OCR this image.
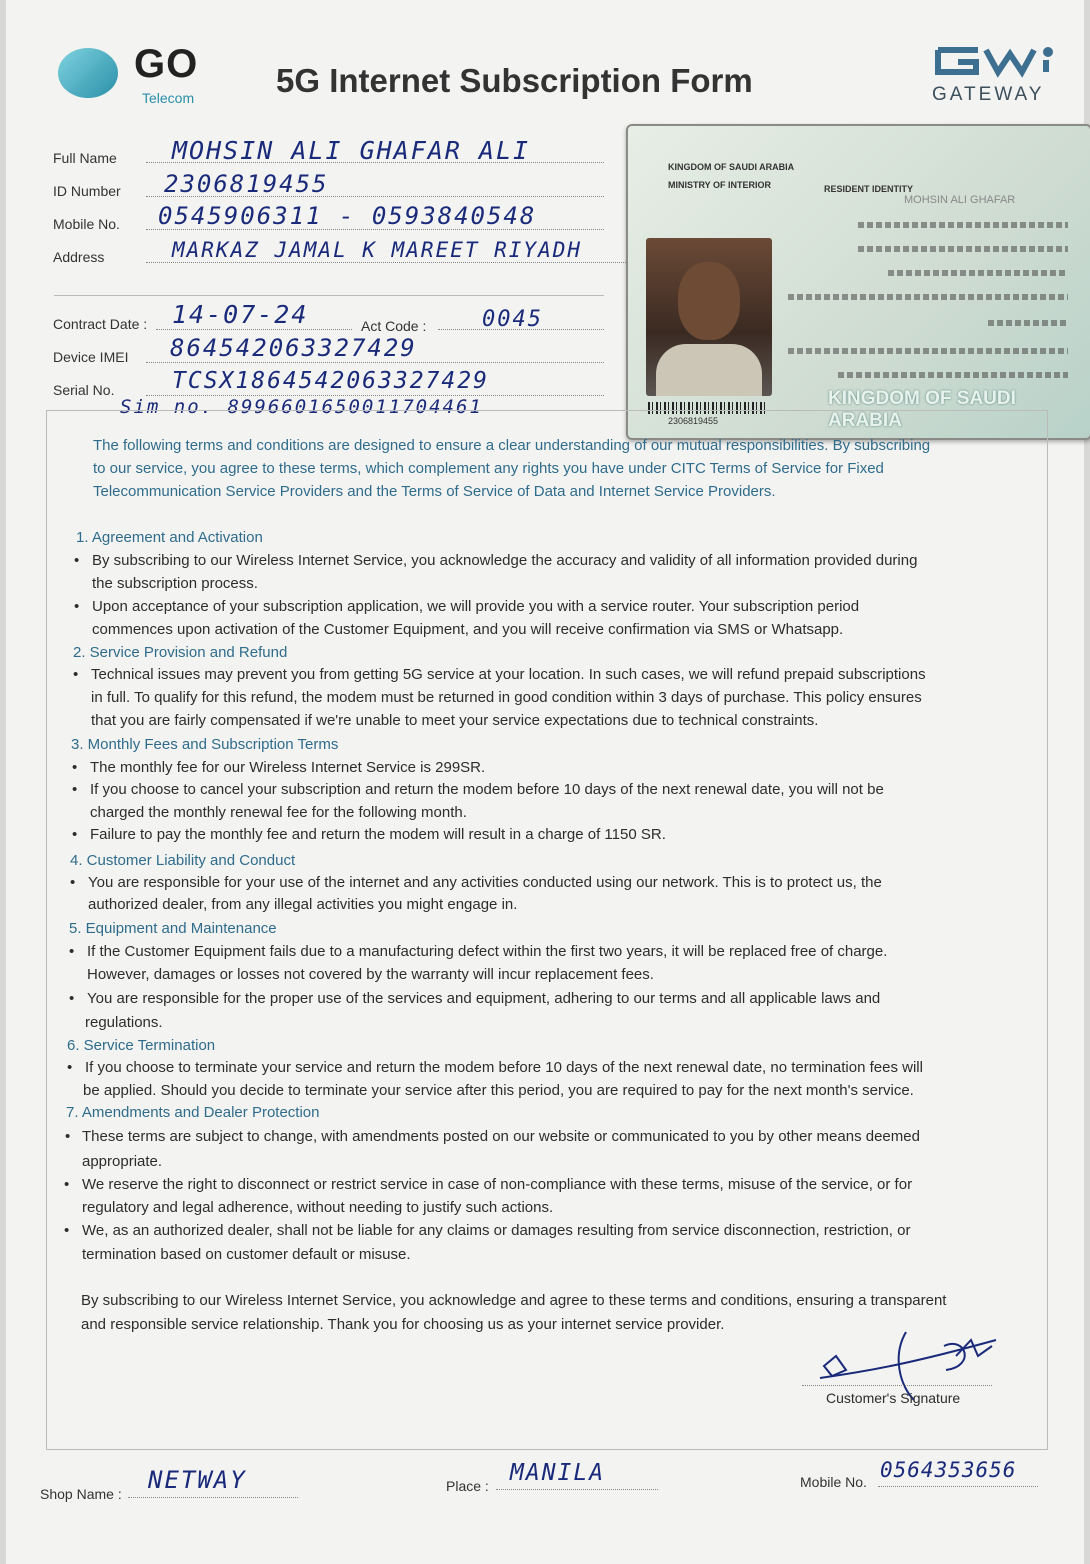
GO
Telecom 5G Internet Subscription Form	GATEWAY
Full Name MOHSIN ALI GHAFAR ALI
ID Number 2306819455
Mobile No. 0545906311 - 0593840548
Address	MARKAZ JAMAL K MAREET RIYADH
Contract Date : 14-07-24	Act Code :	0045
Device IMEI 864542063327429
Serial No.	TCSX1864542063327429
Sim no. 8996601650011704461
KINGDOM OF SAUDI ARABIA
MINISTRY OF INTERIOR	RESIDENT IDENTITY
MOHSIN ALI GHAFAR
2306819455
KINGDOM OF SAUDI ARABIA
The following terms and conditions are designed to ensure a clear understanding of our mutual responsibilities. By subscribing
to our service, you agree to these terms, which complement any rights you have under CITC Terms of Service for Fixed
Telecommunication Service Providers and the Terms of Service of Data and Internet Service Providers.
1. Agreement and Activation
• By subscribing to our Wireless Internet Service, you acknowledge the accuracy and validity of all information provided during
the subscription process.
• Upon acceptance of your subscription application, we will provide you with a service router. Your subscription period
commences upon activation of the Customer Equipment, and you will receive confirmation via SMS or Whatsapp.
2. Service Provision and Refund
• Technical issues may prevent you from getting 5G service at your location. In such cases, we will refund prepaid subscriptions
in full. To qualify for this refund, the modem must be returned in good condition within 3 days of purchase. This policy ensures
that you are fairly compensated if we're unable to meet your service expectations due to technical constraints.
3. Monthly Fees and Subscription Terms
• The monthly fee for our Wireless Internet Service is 299SR.
• If you choose to cancel your subscription and return the modem before 10 days of the next renewal date, you will not be
charged the monthly renewal fee for the following month.
• Failure to pay the monthly fee and return the modem will result in a charge of 1150 SR.
4. Customer Liability and Conduct
• You are responsible for your use of the internet and any activities conducted using our network. This is to protect us, the
authorized dealer, from any illegal activities you might engage in.
5. Equipment and Maintenance
• If the Customer Equipment fails due to a manufacturing defect within the first two years, it will be replaced free of charge.
However, damages or losses not covered by the warranty will incur replacement fees.
• You are responsible for the proper use of the services and equipment, adhering to our terms and all applicable laws and
regulations.
6. Service Termination
• If you choose to terminate your service and return the modem before 10 days of the next renewal date, no termination fees will
be applied. Should you decide to terminate your service after this period, you are required to pay for the next month's service.
7. Amendments and Dealer Protection
• These terms are subject to change, with amendments posted on our website or communicated to you by other means deemed
appropriate.
• We reserve the right to disconnect or restrict service in case of non-compliance with these terms, misuse of the service, or for
regulatory and legal adherence, without needing to justify such actions.
• We, as an authorized dealer, shall not be liable for any claims or damages resulting from service disconnection, restriction, or
termination based on customer default or misuse.
By subscribing to our Wireless Internet Service, you acknowledge and agree to these terms and conditions, ensuring a transparent
and responsible service relationship. Thank you for choosing us as your internet service provider.
Customer's Signature
Shop Name : NETWAY	Place : MANILA	Mobile No. 0564353656
